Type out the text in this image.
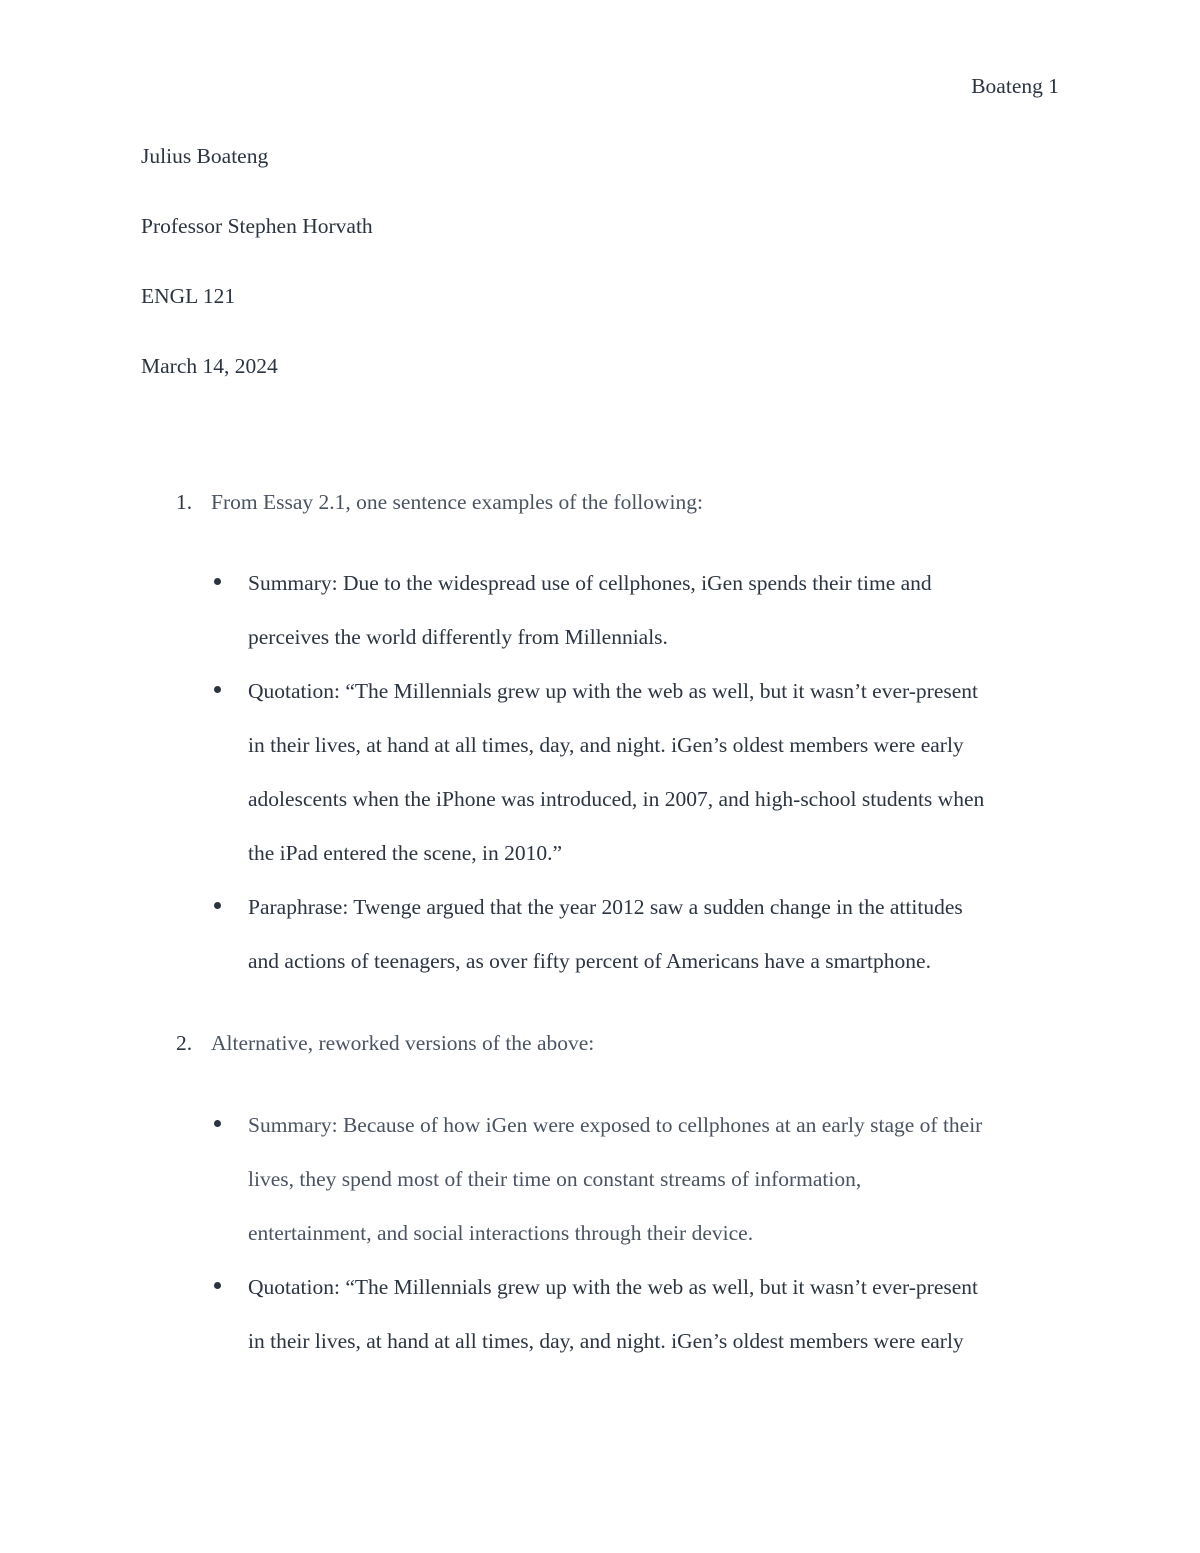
Boateng 1
Julius Boateng
Professor Stephen Horvath
ENGL 121
March 14, 2024
1. From Essay 2.1, one sentence examples of the following:
Summary: Due to the widespread use of cellphones, iGen spends their time and
perceives the world differently from Millennials.
Quotation: “The Millennials grew up with the web as well, but it wasn’t ever-present
in their lives, at hand at all times, day, and night. iGen’s oldest members were early
adolescents when the iPhone was introduced, in 2007, and high-school students when
the iPad entered the scene, in 2010.”
Paraphrase: Twenge argued that the year 2012 saw a sudden change in the attitudes
and actions of teenagers, as over fifty percent of Americans have a smartphone.
2. Alternative, reworked versions of the above:
Summary: Because of how iGen were exposed to cellphones at an early stage of their
lives, they spend most of their time on constant streams of information,
entertainment, and social interactions through their device.
Quotation: “The Millennials grew up with the web as well, but it wasn’t ever-present
in their lives, at hand at all times, day, and night. iGen’s oldest members were early
